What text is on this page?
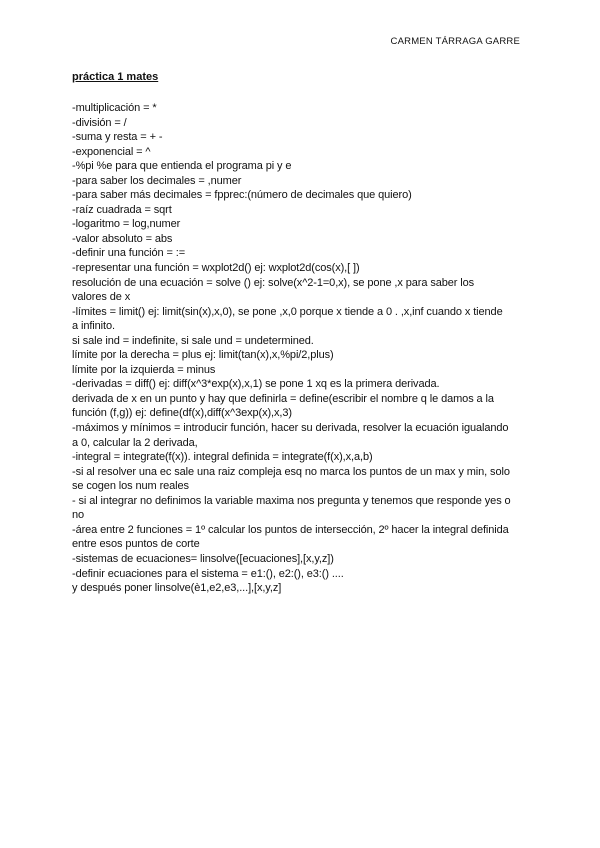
CARMEN TÁRRAGA GARRE
práctica 1 mates
-multiplicación = *
-división = /
-suma y resta = + -
-exponencial = ^
-%pi %e para que entienda el programa pi y e
-para saber los decimales = ,numer
-para saber más decimales = fpprec:(número de decimales que quiero)
-raíz cuadrada = sqrt
-logaritmo = log,numer
-valor absoluto = abs
-definir una función = :=
-representar una función = wxplot2d() ej: wxplot2d(cos(x),[ ])
resolución de una ecuación = solve () ej: solve(x^2-1=0,x), se pone ,x para saber los
valores de x
-límites = limit() ej: limit(sin(x),x,0), se pone ,x,0 porque x tiende a 0 . ,x,inf cuando x tiende
a infinito.
si sale ind = indefinite, si sale und = undetermined.
límite por la derecha = plus ej: limit(tan(x),x,%pi/2,plus)
límite por la izquierda = minus
-derivadas = diff() ej: diff(x^3*exp(x),x,1) se pone 1 xq es la primera derivada.
derivada de x en un punto y hay que definirla = define(escribir el nombre q le damos a la
función (f,g)) ej: define(df(x),diff(x^3exp(x),x,3)
-máximos y mínimos = introducir función, hacer su derivada, resolver la ecuación igualando
a 0, calcular la 2 derivada,
-integral = integrate(f(x)). integral definida = integrate(f(x),x,a,b)
-si al resolver una ec sale una raiz compleja esq no marca los puntos de un max y min, solo
se cogen los num reales
- si al integrar no definimos la variable maxima nos pregunta y tenemos que responde yes o
no
-área entre 2 funciones = 1º calcular los puntos de intersección, 2º hacer la integral definida
entre esos puntos de corte
-sistemas de ecuaciones= linsolve([ecuaciones],[x,y,z])
-definir ecuaciones para el sistema = e1:(), e2:(), e3:() ....
y después poner linsolve(è1,e2,e3,...],[x,y,z]
